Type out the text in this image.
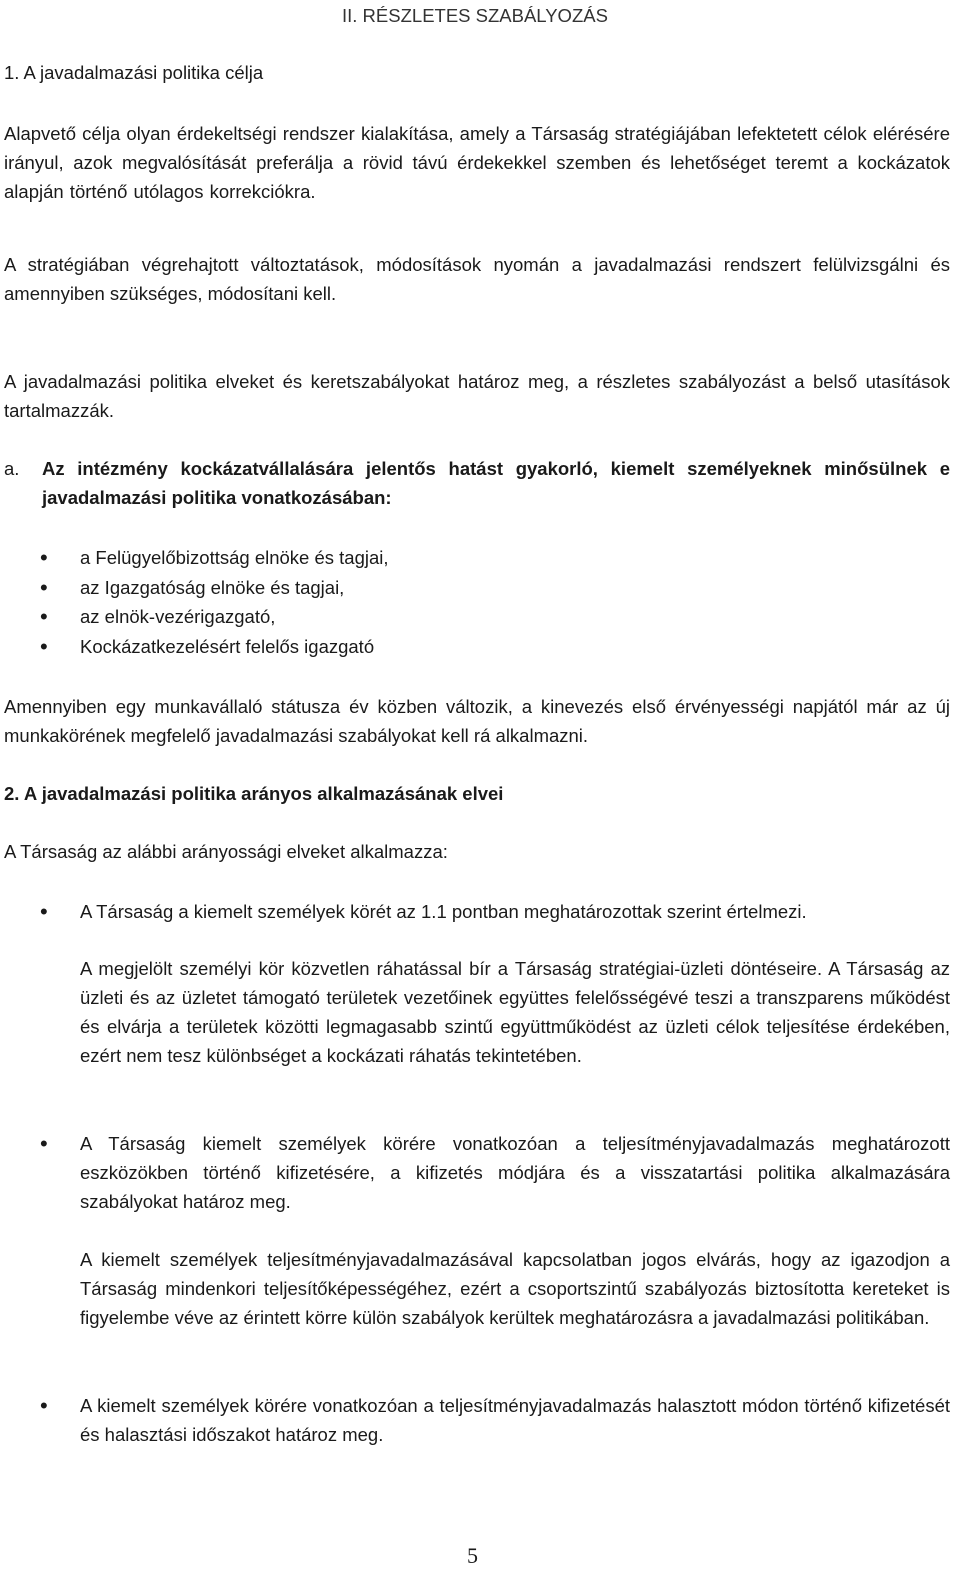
II. RÉSZLETES SZABÁLYOZÁS
1. A javadalmazási politika célja
Alapvető célja olyan érdekeltségi rendszer kialakítása, amely a Társaság stratégiájában lefektetett célok elérésére irányul, azok megvalósítását preferálja a rövid távú érdekekkel szemben és lehetőséget teremt a kockázatok alapján történő utólagos korrekciókra.
A stratégiában végrehajtott változtatások, módosítások nyomán a javadalmazási rendszert felülvizsgálni és amennyiben szükséges, módosítani kell.
A javadalmazási politika elveket és keretszabályokat határoz meg, a részletes szabályozást a belső utasítások tartalmazzák.
a. Az intézmény kockázatvállalására jelentős hatást gyakorló, kiemelt személyeknek minősülnek e javadalmazási politika vonatkozásában:
• a Felügyelőbizottság elnöke és tagjai,
• az Igazgatóság elnöke és tagjai,
• az elnök-vezérigazgató,
• Kockázatkezelésért felelős igazgató
Amennyiben egy munkavállaló státusza év közben változik, a kinevezés első érvényességi napjától már az új munkakörének megfelelő javadalmazási szabályokat kell rá alkalmazni.
2. A javadalmazási politika arányos alkalmazásának elvei
A Társaság az alábbi arányossági elveket alkalmazza:
• A Társaság a kiemelt személyek körét az 1.1 pontban meghatározottak szerint értelmezi.
A megjelölt személyi kör közvetlen ráhatással bír a Társaság stratégiai-üzleti döntéseire. A Társaság az üzleti és az üzletet támogató területek vezetőinek együttes felelősségévé teszi a transzparens működést és elvárja a területek közötti legmagasabb szintű együttműködést az üzleti célok teljesítése érdekében, ezért nem tesz különbséget a kockázati ráhatás tekintetében.
• A Társaság kiemelt személyek körére vonatkozóan a teljesítményjavadalmazás meghatározott eszközökben történő kifizetésére, a kifizetés módjára és a visszatartási politika alkalmazására szabályokat határoz meg.
A kiemelt személyek teljesítményjavadalmazásával kapcsolatban jogos elvárás, hogy az igazodjon a Társaság mindenkori teljesítőképességéhez, ezért a csoportszintű szabályozás biztosította kereteket is figyelembe véve az érintett körre külön szabályok kerültek meghatározásra a javadalmazási politikában.
• A kiemelt személyek körére vonatkozóan a teljesítményjavadalmazás halasztott módon történő kifizetését és halasztási időszakot határoz meg.
5
